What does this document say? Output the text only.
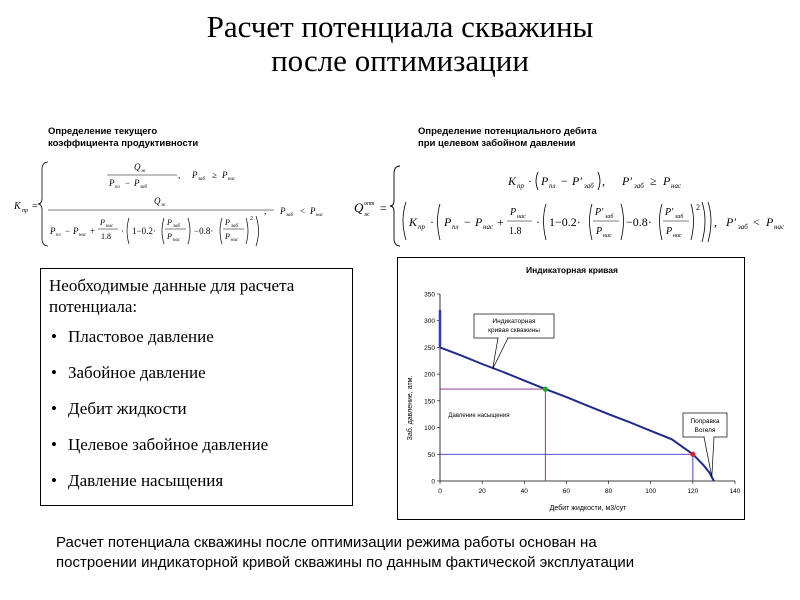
Расчет потенциала скважины
после оптимизации
Определение текущего
коэффициента продуктивности
Определение потенциального дебита
при целевом забойном давлении
K пр =
Q ж
P пл − P заб
, P заб ≥ P нас
Q ж
P пл − P нас +
P нас
1.8
· 1−0.2·
P заб
P нас
−0.8·
P заб
P нас
2
, P заб < P нас
Q опт
ж =
K пр · P пл − P′ заб , P′ заб ≥ P нас
K пр · P пл − P нас +
P нас
1.8
· 1−0.2·
P′ заб
P нас
−0.8·
P′ заб
P нас
2
, P′ заб < P нас
Необходимые данные для расчета потенциала:
• Пластовое давление
• Забойное давление
• Дебит жидкости
• Целевое забойное давление
• Давление насыщения
Индикаторная кривая
Дебит жидкости, м3/сут
Заб. давление, атм.
0	20	40	60	80	100	120	140
0
50
100
150
200
250
300
350
Давление насыщения
Индикаторная
кривая скважины
Поправка
Вогеля
Расчет потенциала скважины после оптимизации режима работы основан на
построении индикаторной кривой скважины по данным фактической эксплуатации
